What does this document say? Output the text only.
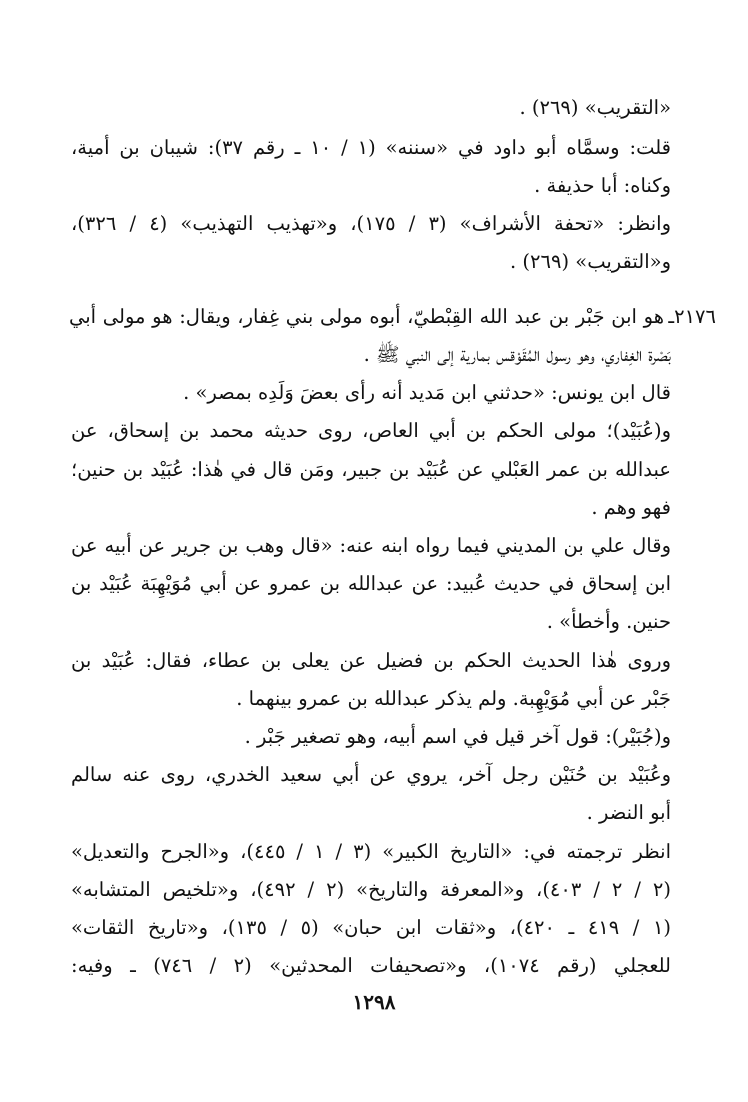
«التقريب» (٢٦٩) .
قلت: وسمَّاه أبو داود في «سننه» (١ / ١٠ ـ رقم ٣٧): شيبان بن أمية،
وكناه: أبا حذيفة .
وانظر: «تحفة الأشراف» (٣ / ١٧٥)، و«تهذيب التهذيب» (٤ / ٣٢٦)،
و«التقريب» (٢٦٩) .
٢١٧٦ـ
هو ابن جَبْر بن عبد الله القِبْطيّ، أبوه مولى بني غِفار، ويقال: هو مولى أبي
بَصْرة الغِفاري، وهو رسول المُقَوْقس بمارية إلى النبي ﷺ .
قال ابن يونس: «حدثني ابن مَديد أنه رأى بعضَ وَلَدِه بمصر» .
و(عُبَيْد)؛ مولى الحكم بن أبي العاص، روى حديثه محمد بن إسحاق، عن
عبدالله بن عمر العَبْلي عن عُبَيْد بن جبير، ومَن قال في هٰذا: عُبَيْد بن حنين؛
فهو وهم .
وقال علي بن المديني فيما رواه ابنه عنه: «قال وهب بن جرير عن أبيه عن
ابن إسحاق في حديث عُبيد: عن عبدالله بن عمرو عن أبي مُوَيْهِبَة عُبَيْد بن
حنين. وأخطأ» .
وروى هٰذا الحديث الحكم بن فضيل عن يعلى بن عطاء، فقال: عُبَيْد بن
جَبْر عن أبي مُوَيْهِبة. ولم يذكر عبدالله بن عمرو بينهما .
و(جُبَيْر): قول آخر قيل في اسم أبيه، وهو تصغير جَبْر .
وعُبَيْد بن حُنَيْن رجل آخر، يروي عن أبي سعيد الخدري، روى عنه سالم
أبو النضر .
انظر ترجمته في: «التاريخ الكبير» (٣ / ١ / ٤٤٥)، و«الجرح والتعديل»
(٢ / ٢ / ٤٠٣)، و«المعرفة والتاريخ» (٢ / ٤٩٢)، و«تلخيص المتشابه»
(١ / ٤١٩ ـ ٤٢٠)، و«ثقات ابن حبان» (٥ / ١٣٥)، و«تاريخ الثقات»
للعجلي (رقم ١٠٧٤)، و«تصحيفات المحدثين» (٢ / ٧٤٦) ـ وفيه:
١٢٩٨
